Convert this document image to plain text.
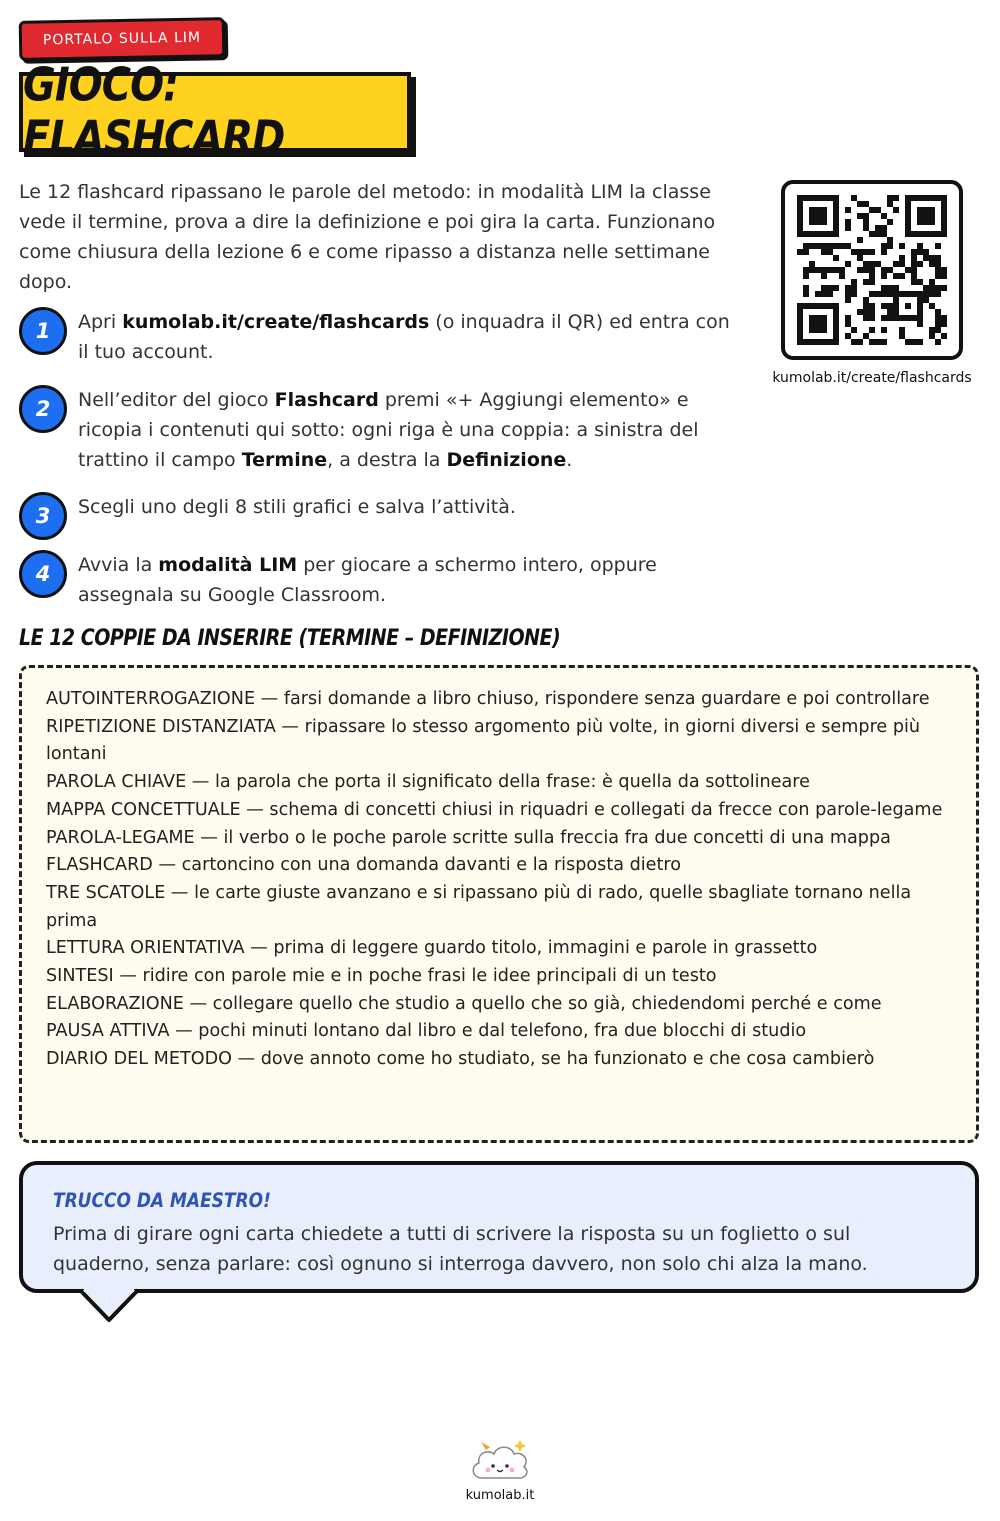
PORTALO SULLA LIM
GIOCO: FLASHCARD

Le 12 flashcard ripassano le parole del metodo: in modalità LIM la classe vede il termine, prova a dire la definizione e poi gira la carta. Funzionano come chiusura della lezione 6 e come ripasso a distanza nelle settimane dopo.

kumolab.it/create/flashcards
1	Apri kumolab.it/create/flashcards (o inquadra il QR) ed entra con il tuo account.
2	Nell’editor del gioco Flashcard premi «+ Aggiungi elemento» e ricopia i contenuti qui sotto: ogni riga è una coppia: a sinistra del trattino il campo Termine, a destra la Definizione.
3	Scegli uno degli 8 stili grafici e salva l’attività.
4	Avvia la modalità LIM per giocare a schermo intero, oppure assegnala su Google Classroom.
LE 12 COPPIE DA INSERIRE (TERMINE – DEFINIZIONE)
AUTOINTERROGAZIONE — farsi domande a libro chiuso, rispondere senza guardare e poi controllare
RIPETIZIONE DISTANZIATA — ripassare lo stesso argomento più volte, in giorni diversi e sempre più lontani
PAROLA CHIAVE — la parola che porta il significato della frase: è quella da sottolineare
MAPPA CONCETTUALE — schema di concetti chiusi in riquadri e collegati da frecce con parole-legame
PAROLA-LEGAME — il verbo o le poche parole scritte sulla freccia fra due concetti di una mappa
FLASHCARD — cartoncino con una domanda davanti e la risposta dietro
TRE SCATOLE — le carte giuste avanzano e si ripassano più di rado, quelle sbagliate tornano nella prima
LETTURA ORIENTATIVA — prima di leggere guardo titolo, immagini e parole in grassetto
SINTESI — ridire con parole mie e in poche frasi le idee principali di un testo
ELABORAZIONE — collegare quello che studio a quello che so già, chiedendomi perché e come
PAUSA ATTIVA — pochi minuti lontano dal libro e dal telefono, fra due blocchi di studio
DIARIO DEL METODO — dove annoto come ho studiato, se ha funzionato e che cosa cambierò
TRUCCO DA MAESTRO!

Prima di girare ogni carta chiedete a tutti di scrivere la risposta su un foglietto o sul quaderno, senza parlare: così ognuno si interroga davvero, non solo chi alza la mano.

kumolab.it
